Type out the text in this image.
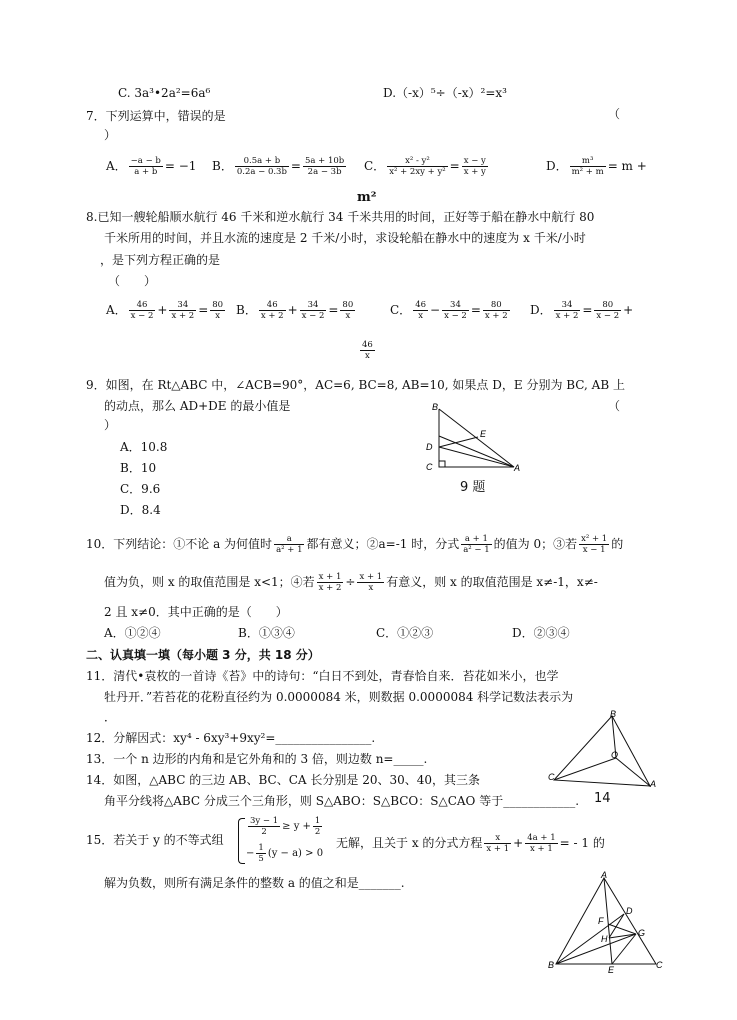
C. 3a³•2a²=6a⁶	D.（-x）⁵÷（-x）²=x³
7．下列运算中，错误的是	（
）
A． $\frac{-a - b}{a + b} = -1$ B． $\frac{0.5a + b}{0.2a - 0.3b} = \frac{5a + 10b}{2a - 3b}$ C． $\frac{\text{x² - y²}}{\text{x² + 2xy + y²}} = \frac{x - y}{x + y}$	D． $\frac{\text{m³}}{\text{m² + m}} = m$ +
m²
8.已知一艘轮船顺水航行 46 千米和逆水航行 34 千米共用的时间，正好等于船在静水中航行 80
千米所用的时间，并且水流的速度是 2 千米/小时，求设轮船在静水中的速度为 x 千米/小时
，是下列方程正确的是
（　　）
A． $\frac{46}{x - 2} + \frac{34}{x + 2} = \frac{80}{x}$ B． $\frac{46}{x + 2} + \frac{34}{x - 2} = \frac{80}{x}$	C． $\frac{46}{x} - \frac{34}{x - 2} = \frac{80}{x + 2}$ D． $\frac{34}{x + 2} = \frac{80}{x - 2}$ +
$\frac{46}{x}$
9．如图，在 Rt△ABC 中，∠ACB=90°，AC=6, BC=8, AB=10, 如果点 D，E 分别为 BC, AB 上
的动点，那么 AD+DE 的最小值是	（
）
A．10.8
B．10
C．9.6
D．8.4
B
E
D
C	A
9 题
10．下列结论：①不论 a 为何值时 $\frac{a}{\text{a² + 1}}$ 都有意义；②a=-1 时，分式 $\frac{a + 1}{\text{a² − 1}}$ 的值为 0；③若 $\frac{\text{x² + 1}}{x - 1}$ 的
值为负，则 x 的取值范围是 x<1；④若 $\frac{x + 1}{x + 2} \div \frac{x + 1}{x}$ 有意义，则 x 的取值范围是 x≠-1，x≠-
2 且 x≠0．其中正确的是（　　）
A．①②④	B．①③④	C．①②③	D．②③④
二、认真填一填（每小题 3 分，共 18 分）
11．清代•袁枚的一首诗《苔》中的诗句：“白日不到处，青春恰自来．苔花如米小，也学
牡丹开．”若苔花的花粉直径约为 0.0000084 米，则数据 0.0000084 科学记数法表示为
．
12．分解因式：xy⁴ - 6xy³+9xy²=________________.
13．一个 n 边形的内角和是它外角和的 3 倍，则边数 n=_____.
14．如图，△ABC 的三边 AB、BC、CA 长分别是 20、30、40，其三条
角平分线将△ABC 分成三个三角形，则 S△ABO：S△BCO：S△CAO 等于____________. 14
B
O
C
A
15．若关于 y 的不等式组
$\frac{3y - 1}{2} \ge y + \frac{1}{2}$
− $\frac{1}{5} (y - a) > 0$
无解，且关于 x 的分式方程 $\frac{x}{x + 1} + \frac{4a + 1}{x + 1}$ = - 1 的
解为负数，则所有满足条件的整数 a 的值之和是_______.
A
D
F
G
H
B	E	C
